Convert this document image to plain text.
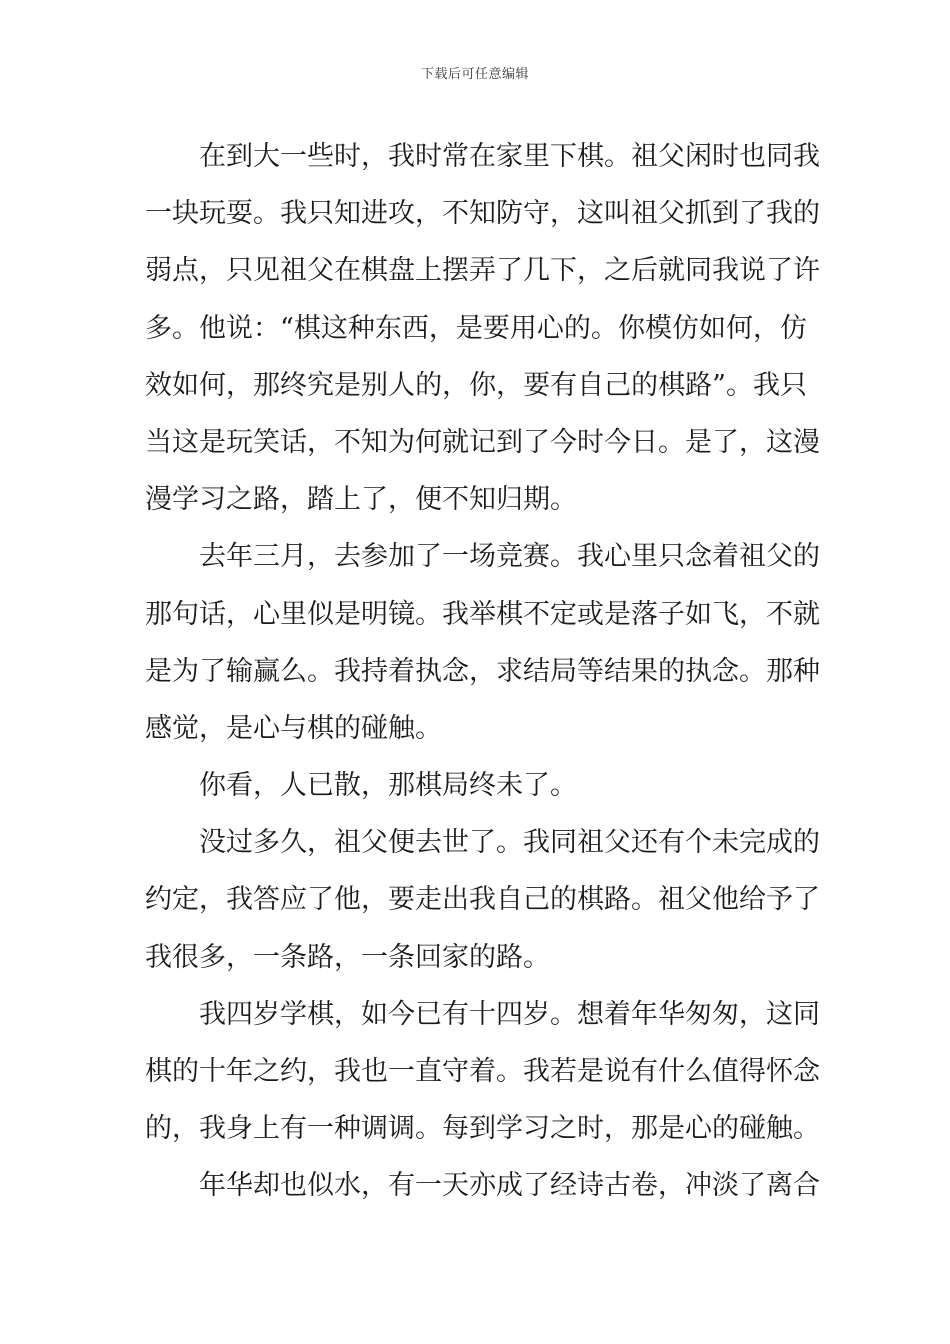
下载后可任意编辑
在到大一些时，我时常在家里下棋。祖父闲时也同我
一块玩耍。我只知进攻，不知防守，这叫祖父抓到了我的
弱点，只见祖父在棋盘上摆弄了几下，之后就同我说了许
多。他说：“棋这种东西，是要用心的。你模仿如何，仿
效如何，那终究是别人的，你，要有自己的棋路”。我只
当这是玩笑话，不知为何就记到了今时今日。是了，这漫
漫学习之路，踏上了，便不知归期。
去年三月，去参加了一场竞赛。我心里只念着祖父的
那句话，心里似是明镜。我举棋不定或是落子如飞，不就
是为了输赢么。我持着执念，求结局等结果的执念。那种
感觉，是心与棋的碰触。
你看，人已散，那棋局终未了。
没过多久，祖父便去世了。我同祖父还有个未完成的
约定，我答应了他，要走出我自己的棋路。祖父他给予了
我很多，一条路，一条回家的路。
我四岁学棋，如今已有十四岁。想着年华匆匆，这同
棋的十年之约，我也一直守着。我若是说有什么值得怀念
的，我身上有一种调调。每到学习之时，那是心的碰触。
年华却也似水，有一天亦成了经诗古卷，冲淡了离合
